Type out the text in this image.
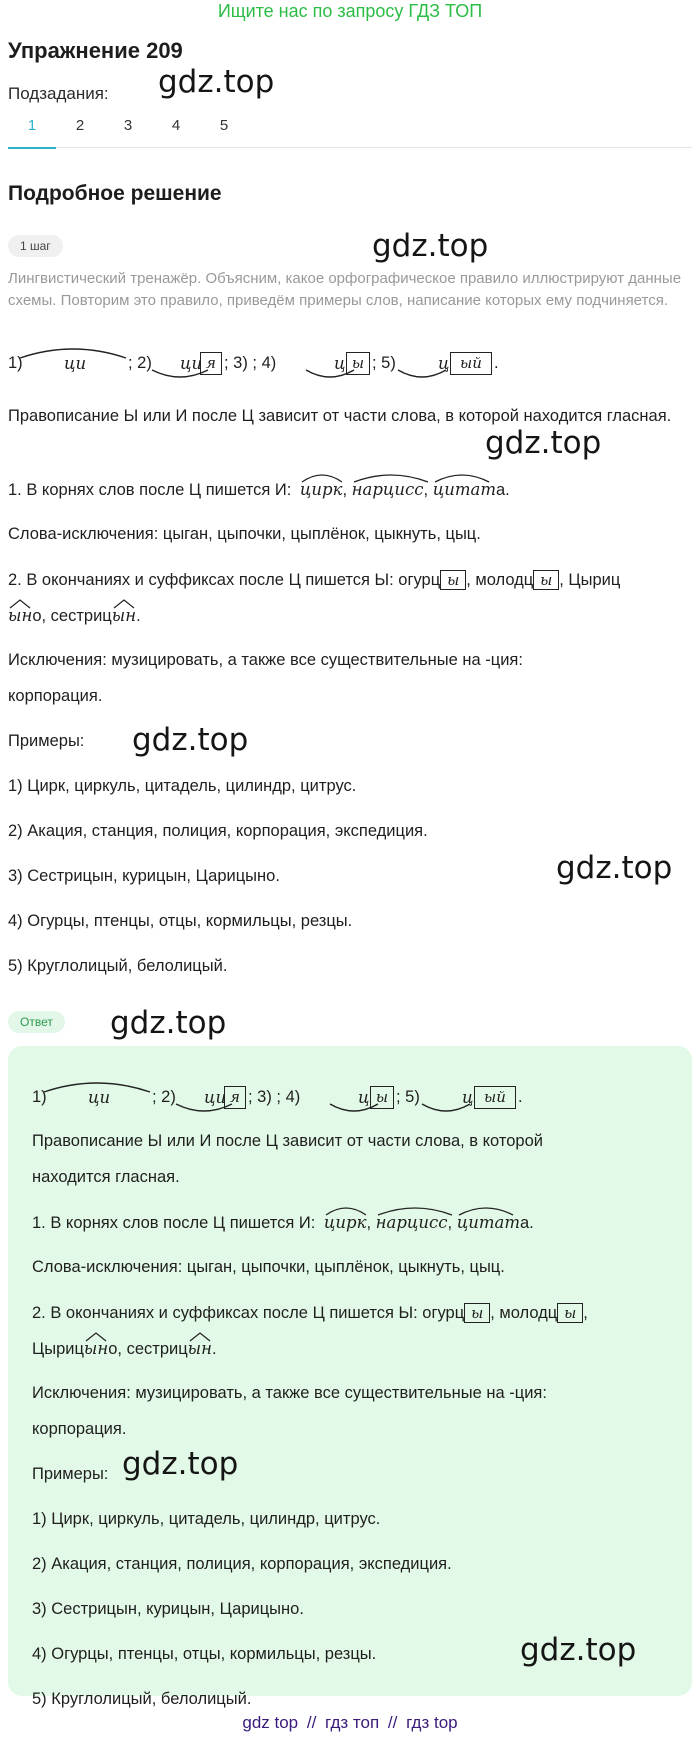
Ищите нас по запросу ГДЗ ТОП
Упражнение 209
Подзадания:
1	2	3	4	5
Подробное решение
1 шаг
Лингвистический тренажёр. Объясним, какое орфографическое правило иллюстрируют данные схемы. Повторим это правило, приведём примеры слов, написание которых ему подчиняется.
1)	ци	; 2) ци я ; 3) ; 4)	ц ы ; 5)	ц ый .
Правописание Ы или И после Ц зависит от части слова, в которой находится гласная.
1. В корнях слов после Ц пишется И: цирк,
нарцисс,
цитата.
Слова-исключения: цыган, цыпочки, цыплёнок, цыкнуть, цыц.
2. В окончаниях и суффиксах после Ц пишется Ы: огурц ы , молодц ы , Цыриц
ыно, сестриц
ын.
Исключения: музицировать, а также все существительные на -ция:
корпорация.
Примеры:
1) Цирк, циркуль, цитадель, цилиндр, цитрус.
2) Акация, станция, полиция, корпорация, экспедиция.
3) Сестрицын, курицын, Царицыно.
4) Огурцы, птенцы, отцы, кормильцы, резцы.
5) Круглолицый, белолицый.
Ответ
1)	ци	; 2) ци я ; 3) ; 4)	ц ы ; 5)	ц ый .
Правописание Ы или И после Ц зависит от части слова, в которой
находится гласная.
1. В корнях слов после Ц пишется И: цирк,
нарцисс,
цитата.
Слова-исключения: цыган, цыпочки, цыплёнок, цыкнуть, цыц.
2. В окончаниях и суффиксах после Ц пишется Ы: огурц ы , молодц ы ,
Цыриц
ыно, сестриц
ын.
Исключения: музицировать, а также все существительные на -ция:
корпорация.
Примеры:
1) Цирк, циркуль, цитадель, цилиндр, цитрус.
2) Акация, станция, полиция, корпорация, экспедиция.
3) Сестрицын, курицын, Царицыно.
4) Огурцы, птенцы, отцы, кормильцы, резцы.
5) Круглолицый, белолицый.
gdz.top
gdz.top
gdz.top
gdz.top
gdz.top
gdz.top
gdz.top
gdz.top
gdz top // гдз топ // гдз top
